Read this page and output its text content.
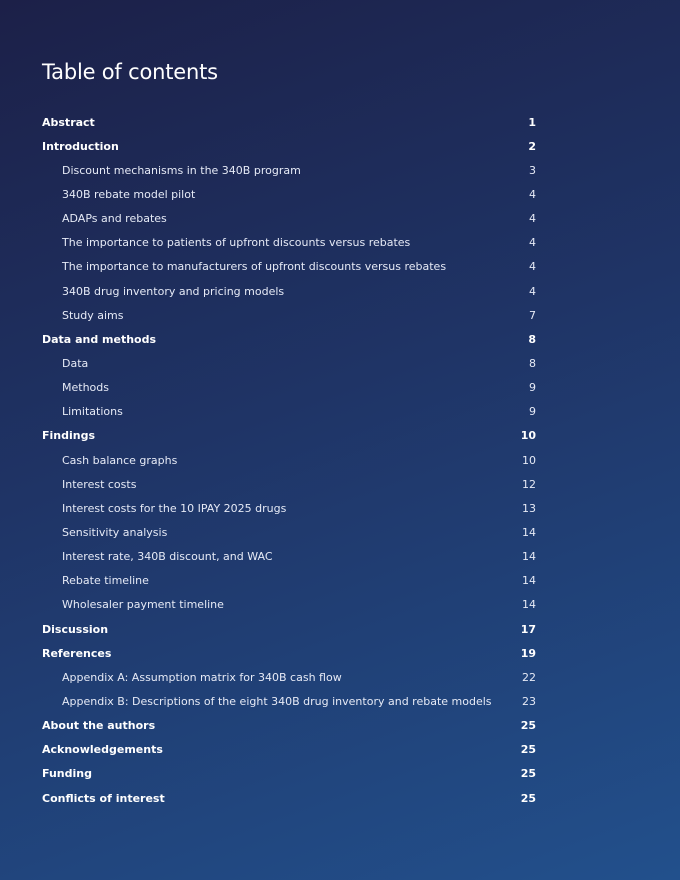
Table of contents
Abstract	1
Introduction	2
Discount mechanisms in the 340B program	3
340B rebate model pilot	4
ADAPs and rebates	4
The importance to patients of upfront discounts versus rebates	4
The importance to manufacturers of upfront discounts versus rebates	4
340B drug inventory and pricing models	4
Study aims	7
Data and methods	8
Data	8
Methods	9
Limitations	9
Findings	10
Cash balance graphs	10
Interest costs	12
Interest costs for the 10 IPAY 2025 drugs	13
Sensitivity analysis	14
Interest rate, 340B discount, and WAC	14
Rebate timeline	14
Wholesaler payment timeline	14
Discussion	17
References	19
Appendix A: Assumption matrix for 340B cash flow	22
Appendix B: Descriptions of the eight 340B drug inventory and rebate models	23
About the authors	25
Acknowledgements	25
Funding	25
Conflicts of interest	25
